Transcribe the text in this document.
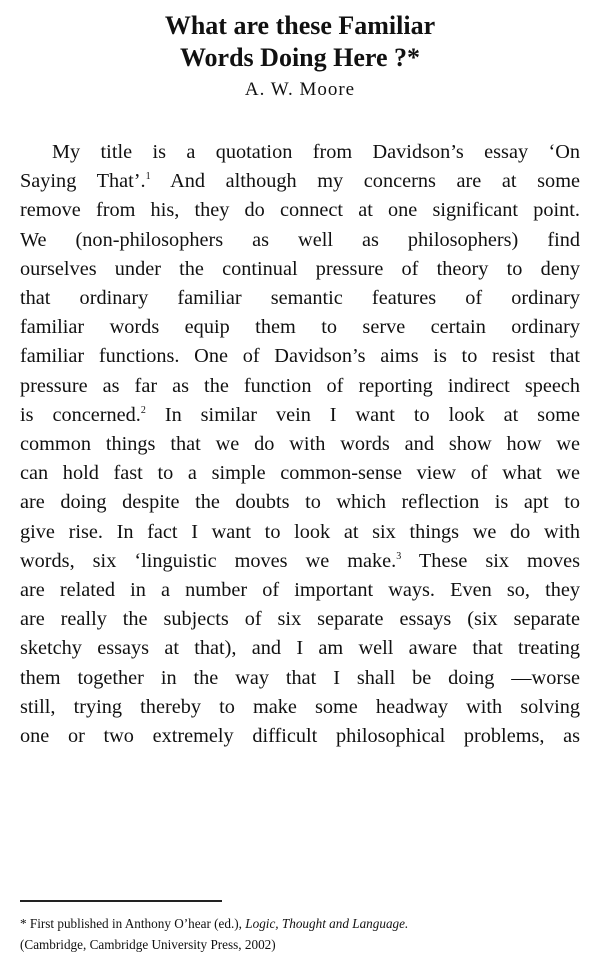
What are these Familiar
Words Doing Here ?*
A. W. Moore
My title is a quotation from Davidson’s essay ‘On
Saying That’.$^1$ And although my concerns are at some
remove from his, they do connect at one significant point.
We (non-philosophers as well as philosophers) find
ourselves under the continual pressure of theory to deny
that ordinary familiar semantic features of ordinary
familiar words equip them to serve certain ordinary
familiar functions. One of Davidson’s aims is to resist that
pressure as far as the function of reporting indirect speech
is concerned.$^2$ In similar vein I want to look at some
common things that we do with words and show how we
can hold fast to a simple common-sense view of what we
are doing despite the doubts to which reflection is apt to
give rise. In fact I want to look at six things we do with
words, six ‘linguistic moves we make.$^3$ These six moves
are related in a number of important ways. Even so, they
are really the subjects of six separate essays (six separate
sketchy essays at that), and I am well aware that treating
them together in the way that I shall be doing —worse
still, trying thereby to make some headway with solving
one or two extremely difficult philosophical problems, as
* First published in Anthony O’hear (ed.), Logic, Thought and Language.
(Cambridge, Cambridge University Press, 2002)
